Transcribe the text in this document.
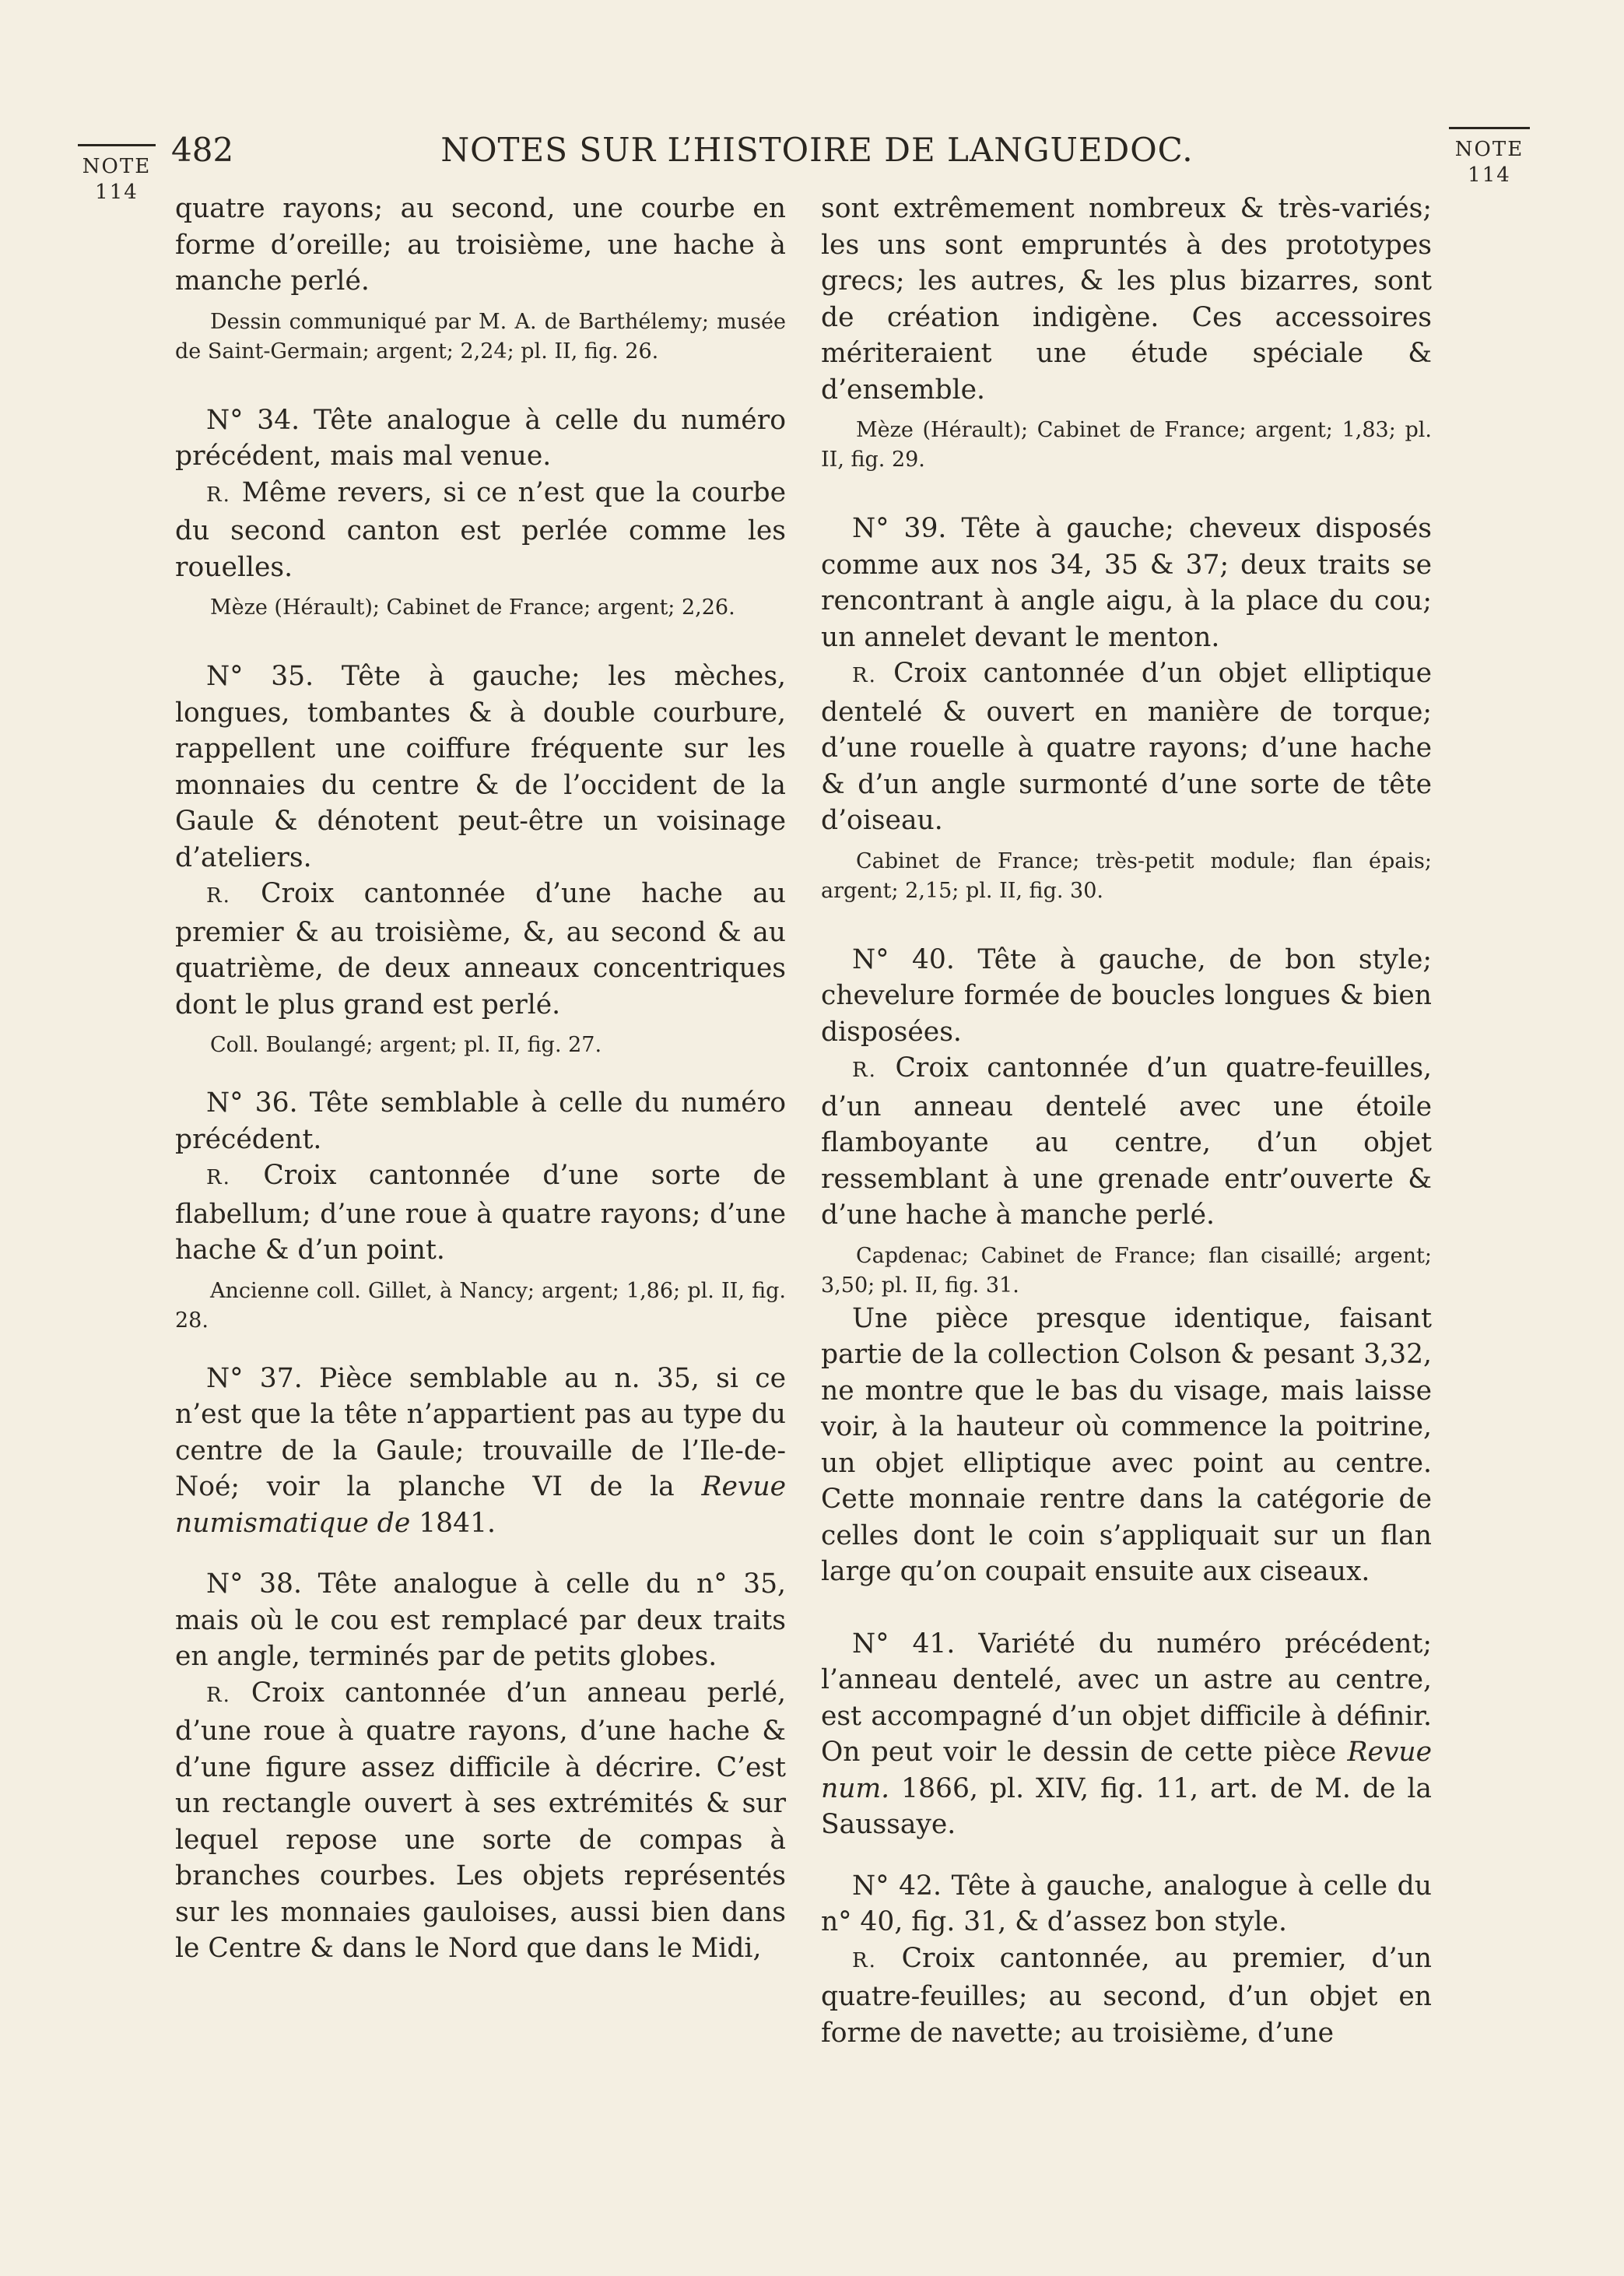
NOTE
114
NOTE
114
482	NOTES SUR L’HISTOIRE DE LANGUEDOC.

quatre rayons; au second, une courbe en forme d’oreille; au troisième, une hache à manche perlé.

Dessin communiqué par M. A. de Barthélemy; musée de Saint-Germain; argent; 2,24; pl. II, fig. 26.

N° 34. Tête analogue à celle du numéro précédent, mais mal venue.

R. Même revers, si ce n’est que la courbe du second canton est perlée comme les rouelles.

Mèze (Hérault); Cabinet de France; argent; 2,26.

N° 35. Tête à gauche; les mèches, longues, tombantes & à double courbure, rappellent une coiffure fréquente sur les monnaies du centre & de l’occident de la Gaule & dénotent peut-être un voisinage d’ateliers.

R. Croix cantonnée d’une hache au premier & au troisième, &, au second & au quatrième, de deux anneaux concentriques dont le plus grand est perlé.

Coll. Boulangé; argent; pl. II, fig. 27.

N° 36. Tête semblable à celle du numéro précédent.

R. Croix cantonnée d’une sorte de flabellum; d’une roue à quatre rayons; d’une hache & d’un point.

Ancienne coll. Gillet, à Nancy; argent; 1,86; pl. II, fig. 28.

N° 37. Pièce semblable au n. 35, si ce n’est que la tête n’appartient pas au type du centre de la Gaule; trouvaille de l’Ile-de-Noé; voir la planche VI de la Revue numismatique de 1841.

N° 38. Tête analogue à celle du n° 35, mais où le cou est remplacé par deux traits en angle, terminés par de petits globes.

R. Croix cantonnée d’un anneau perlé, d’une roue à quatre rayons, d’une hache & d’une figure assez difficile à décrire. C’est un rectangle ouvert à ses extrémités & sur lequel repose une sorte de compas à branches courbes. Les objets représentés sur les monnaies gauloises, aussi bien dans le Centre & dans le Nord que dans le Midi,

sont extrêmement nombreux & très-variés; les uns sont empruntés à des prototypes grecs; les autres, & les plus bizarres, sont de création indigène. Ces accessoires mériteraient une étude spéciale & d’ensemble.

Mèze (Hérault); Cabinet de France; argent; 1,83; pl. II, fig. 29.

N° 39. Tête à gauche; cheveux disposés comme aux nos 34, 35 & 37; deux traits se rencontrant à angle aigu, à la place du cou; un annelet devant le menton.

R. Croix cantonnée d’un objet elliptique dentelé & ouvert en manière de torque; d’une rouelle à quatre rayons; d’une hache & d’un angle surmonté d’une sorte de tête d’oiseau.

Cabinet de France; très-petit module; flan épais; argent; 2,15; pl. II, fig. 30.

N° 40. Tête à gauche, de bon style; chevelure formée de boucles longues & bien disposées.

R. Croix cantonnée d’un quatre-feuilles, d’un anneau dentelé avec une étoile flamboyante au centre, d’un objet ressemblant à une grenade entr’ouverte & d’une hache à manche perlé.

Capdenac; Cabinet de France; flan cisaillé; argent; 3,50; pl. II, fig. 31.

Une pièce presque identique, faisant partie de la collection Colson & pesant 3,32, ne montre que le bas du visage, mais laisse voir, à la hauteur où commence la poitrine, un objet elliptique avec point au centre. Cette monnaie rentre dans la catégorie de celles dont le coin s’appliquait sur un flan large qu’on coupait ensuite aux ciseaux.

N° 41. Variété du numéro précédent; l’anneau dentelé, avec un astre au centre, est accompagné d’un objet difficile à définir. On peut voir le dessin de cette pièce Revue num. 1866, pl. XIV, fig. 11, art. de M. de la Saussaye.

N° 42. Tête à gauche, analogue à celle du n° 40, fig. 31, & d’assez bon style.

R. Croix cantonnée, au premier, d’un quatre-feuilles; au second, d’un objet en forme de navette; au troisième, d’une
